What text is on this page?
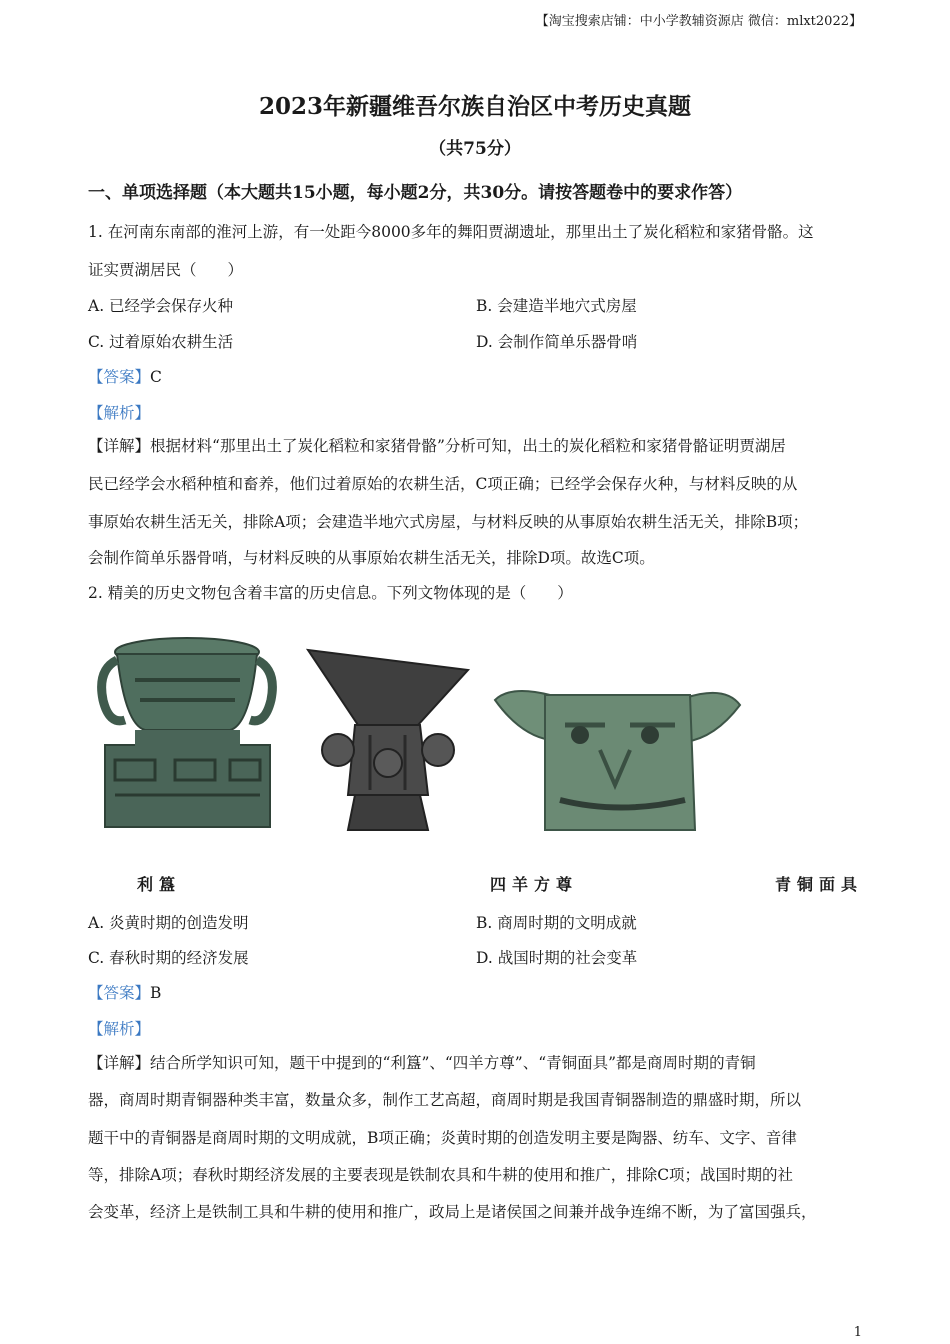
【淘宝搜索店铺：中小学教辅资源店 微信：mlxt2022】
2023年新疆维吾尔族自治区中考历史真题
（共75分）
一、单项选择题（本大题共15小题，每小题2分，共30分。请按答题卷中的要求作答）
1. 在河南东南部的淮河上游，有一处距今8000多年的舞阳贾湖遗址，那里出土了炭化稻粒和家猪骨骼。这
证实贾湖居民（　　）
A. 已经学会保存火种	B. 会建造半地穴式房屋
C. 过着原始农耕生活	D. 会制作简单乐器骨哨
【答案】C
【解析】
【详解】根据材料“那里出土了炭化稻粒和家猪骨骼”分析可知，出土的炭化稻粒和家猪骨骼证明贾湖居
民已经学会水稻种植和畜养，他们过着原始的农耕生活，C项正确；已经学会保存火种，与材料反映的从
事原始农耕生活无关，排除A项；会建造半地穴式房屋，与材料反映的从事原始农耕生活无关，排除B项；
会制作简单乐器骨哨，与材料反映的从事原始农耕生活无关，排除D项。故选C项。
2. 精美的历史文物包含着丰富的历史信息。下列文物体现的是（　　）
利簋	四羊方尊	青铜面具
A. 炎黄时期的创造发明	B. 商周时期的文明成就
C. 春秋时期的经济发展	D. 战国时期的社会变革
【答案】B
【解析】
【详解】结合所学知识可知，题干中提到的“利簋”、“四羊方尊”、“青铜面具”都是商周时期的青铜
器，商周时期青铜器种类丰富，数量众多，制作工艺高超，商周时期是我国青铜器制造的鼎盛时期，所以
题干中的青铜器是商周时期的文明成就，B项正确；炎黄时期的创造发明主要是陶器、纺车、文字、音律
等，排除A项；春秋时期经济发展的主要表现是铁制农具和牛耕的使用和推广，排除C项；战国时期的社
会变革，经济上是铁制工具和牛耕的使用和推广，政局上是诸侯国之间兼并战争连绵不断，为了富国强兵，
1
